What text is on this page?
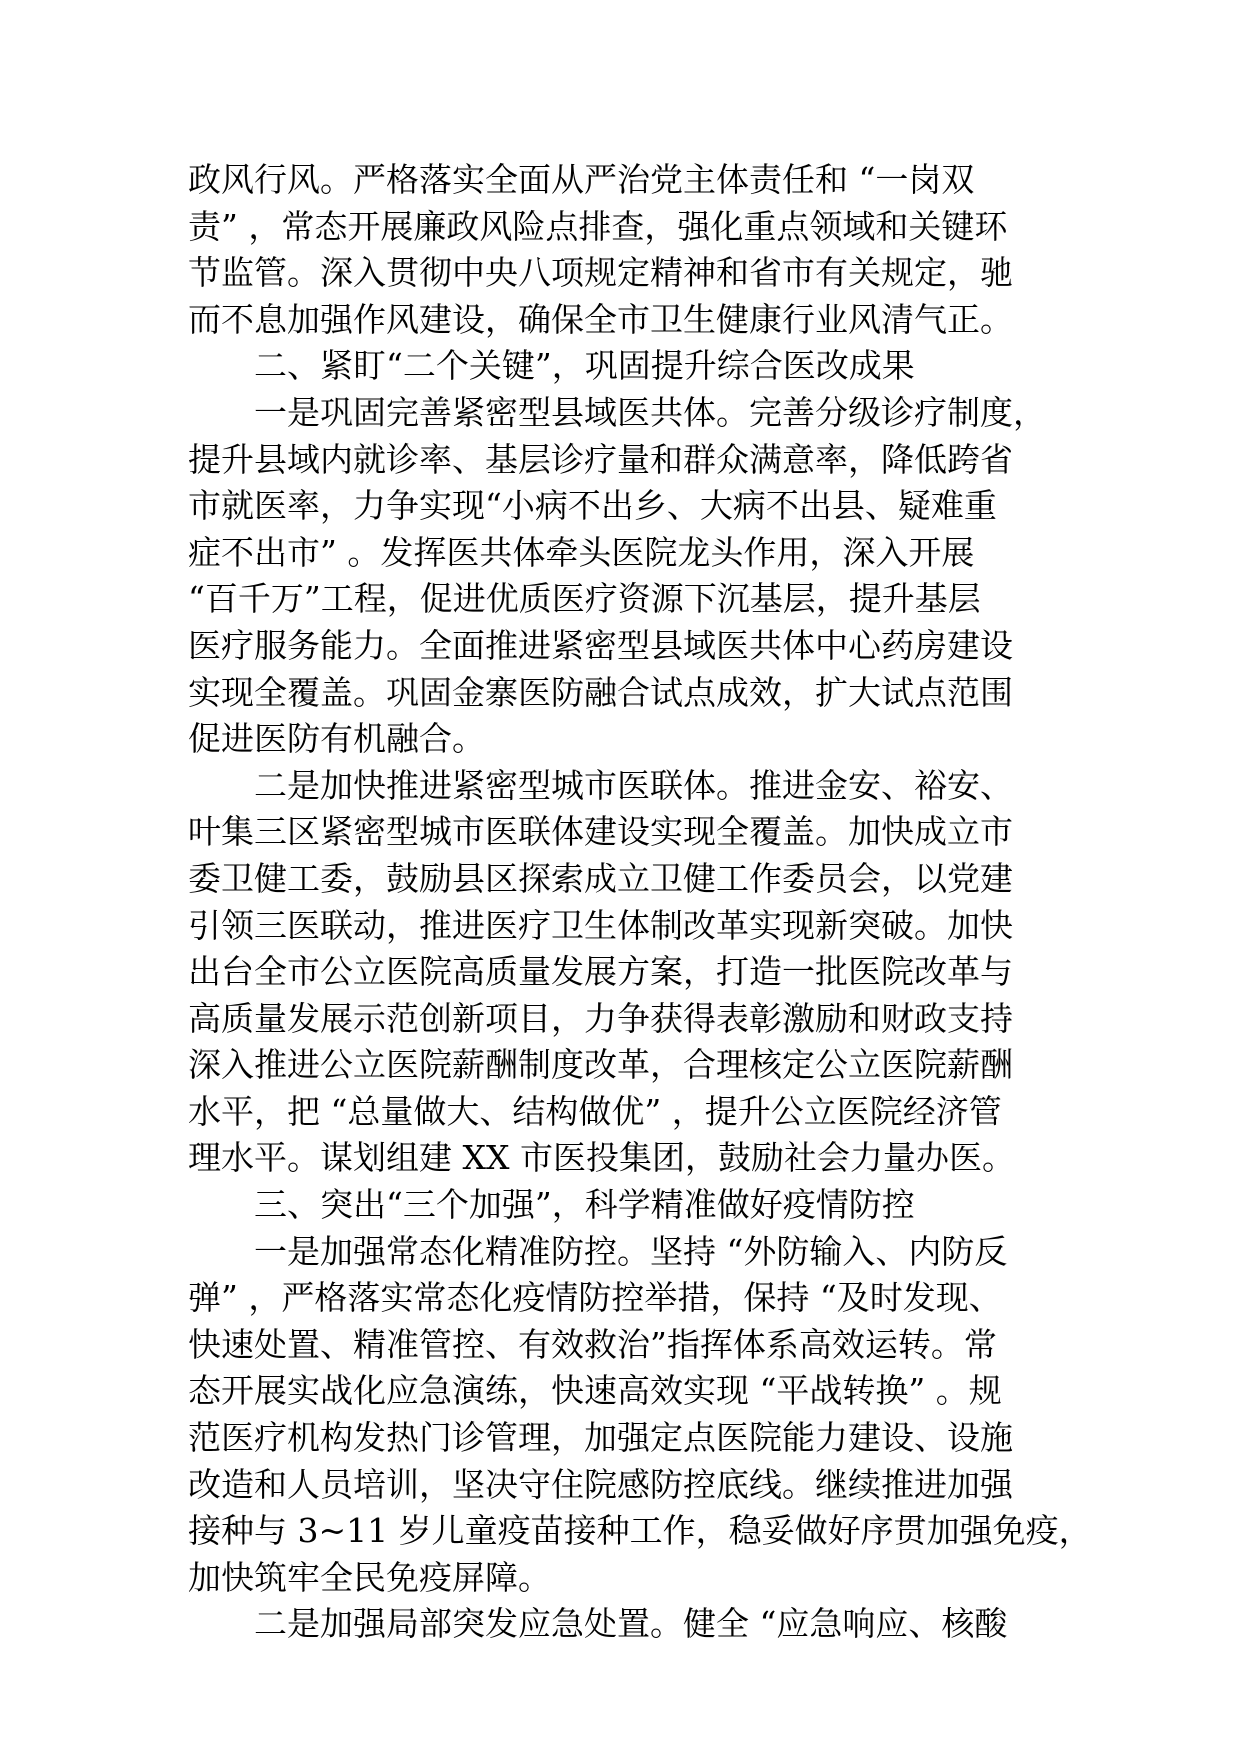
政风行风。严格落实全面从严治党主体责任和 “一岗双
责” ，常态开展廉政风险点排查，强化重点领域和关键环
节监管。深入贯彻中央八项规定精神和省市有关规定，驰
而不息加强作风建设，确保全市卫生健康行业风清气正。
二、紧盯“二个关键”，巩固提升综合医改成果
一是巩固完善紧密型县域医共体。完善分级诊疗制度，
提升县域内就诊率、基层诊疗量和群众满意率，降低跨省
市就医率，力争实现“小病不出乡、大病不出县、疑难重
症不出市” 。发挥医共体牵头医院龙头作用，深入开展
“百千万”工程，促进优质医疗资源下沉基层，提升基层
医疗服务能力。全面推进紧密型县域医共体中心药房建设
实现全覆盖。巩固金寨医防融合试点成效，扩大试点范围
促进医防有机融合。
二是加快推进紧密型城市医联体。推进金安、裕安、
叶集三区紧密型城市医联体建设实现全覆盖。加快成立市
委卫健工委，鼓励县区探索成立卫健工作委员会，以党建
引领三医联动，推进医疗卫生体制改革实现新突破。加快
出台全市公立医院高质量发展方案，打造一批医院改革与
高质量发展示范创新项目，力争获得表彰激励和财政支持
深入推进公立医院薪酬制度改革，合理核定公立医院薪酬
水平，把 “总量做大、结构做优” ，提升公立医院经济管
理水平。谋划组建 XX 市医投集团，鼓励社会力量办医。
三、突出“三个加强”，科学精准做好疫情防控
一是加强常态化精准防控。坚持 “外防输入、内防反
弹” ，严格落实常态化疫情防控举措，保持 “及时发现、
快速处置、精准管控、有效救治”指挥体系高效运转。常
态开展实战化应急演练，快速高效实现 “平战转换” 。规
范医疗机构发热门诊管理，加强定点医院能力建设、设施
改造和人员培训，坚决守住院感防控底线。继续推进加强
接种与 3~11 岁儿童疫苗接种工作，稳妥做好序贯加强免疫，
加快筑牢全民免疫屏障。
二是加强局部突发应急处置。健全 “应急响应、核酸
